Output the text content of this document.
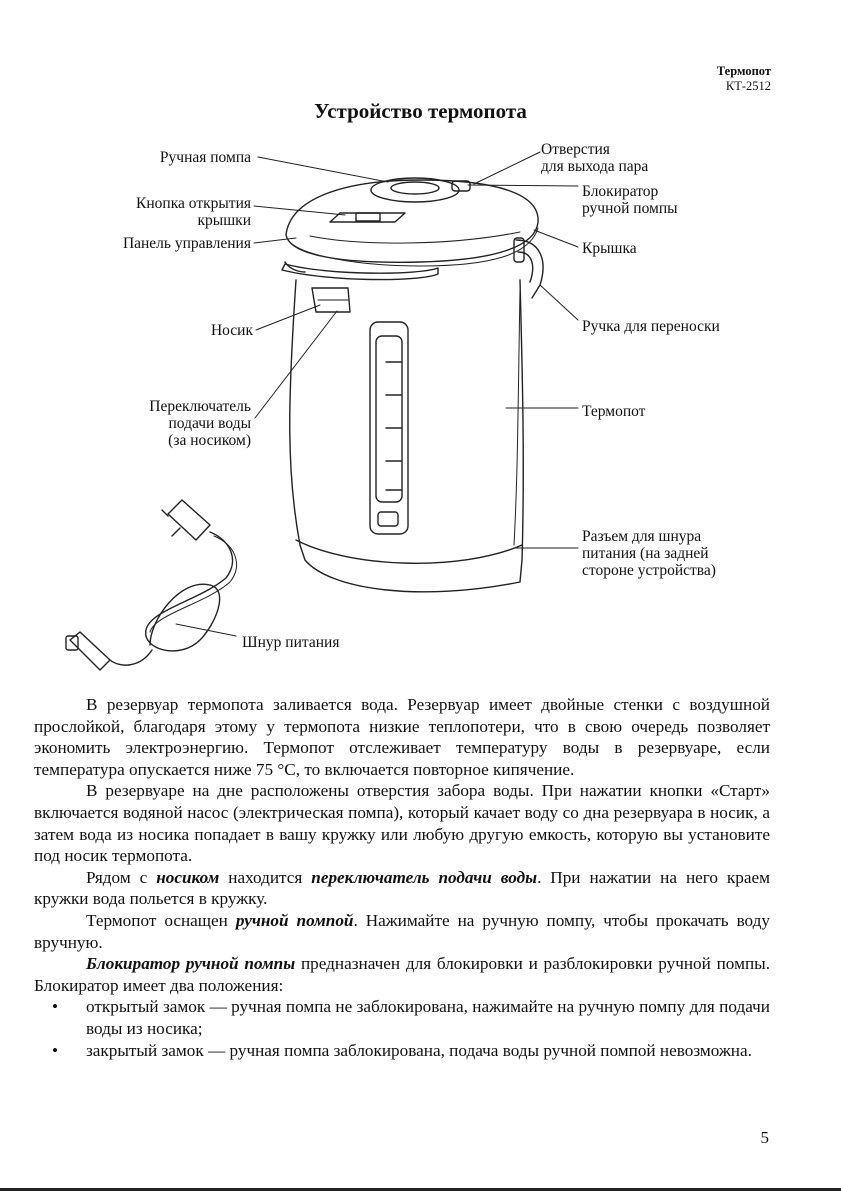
Термопот
КТ-2512
Устройство термопота
Ручная помпа
Кнопка открытия
крышки
Панель управления
Носик
Переключатель
подачи воды
(за носиком)
Отверстия
для выхода пара
Блокиратор
ручной помпы
Крышка
Ручка для переноски
Термопот
Разъем для шнура
питания (на задней
стороне устройства)
Шнур питания

В резервуар термопота заливается вода. Резервуар имеет двойные стенки с воздушной прослойкой, благодаря этому у термопота низкие теплопотери, что в свою очередь позволяет экономить электроэнергию. Термопот отслеживает температуру воды в резервуаре, если температура опускается ниже 75 °С, то включается повторное кипячение.

В резервуаре на дне расположены отверстия забора воды. При нажатии кнопки «Старт» включается водяной насос (электрическая помпа), который качает воду со дна резервуара в носик, а затем вода из носика попадает в вашу кружку или любую другую емкость, которую вы установите под носик термопота.

Рядом с носиком находится переключатель подачи воды. При нажатии на него краем кружки вода польется в кружку.

Термопот оснащен ручной помпой. Нажимайте на ручную помпу, чтобы прокачать воду вручную.

Блокиратор ручной помпы предназначен для блокировки и разблокировки ручной помпы. Блокиратор имеет два положения:

• открытый замок — ручная помпа не заблокирована, нажимайте на ручную помпу для подачи воды из носика;
• закрытый замок — ручная помпа заблокирована, подача воды ручной помпой невозможна.
5
